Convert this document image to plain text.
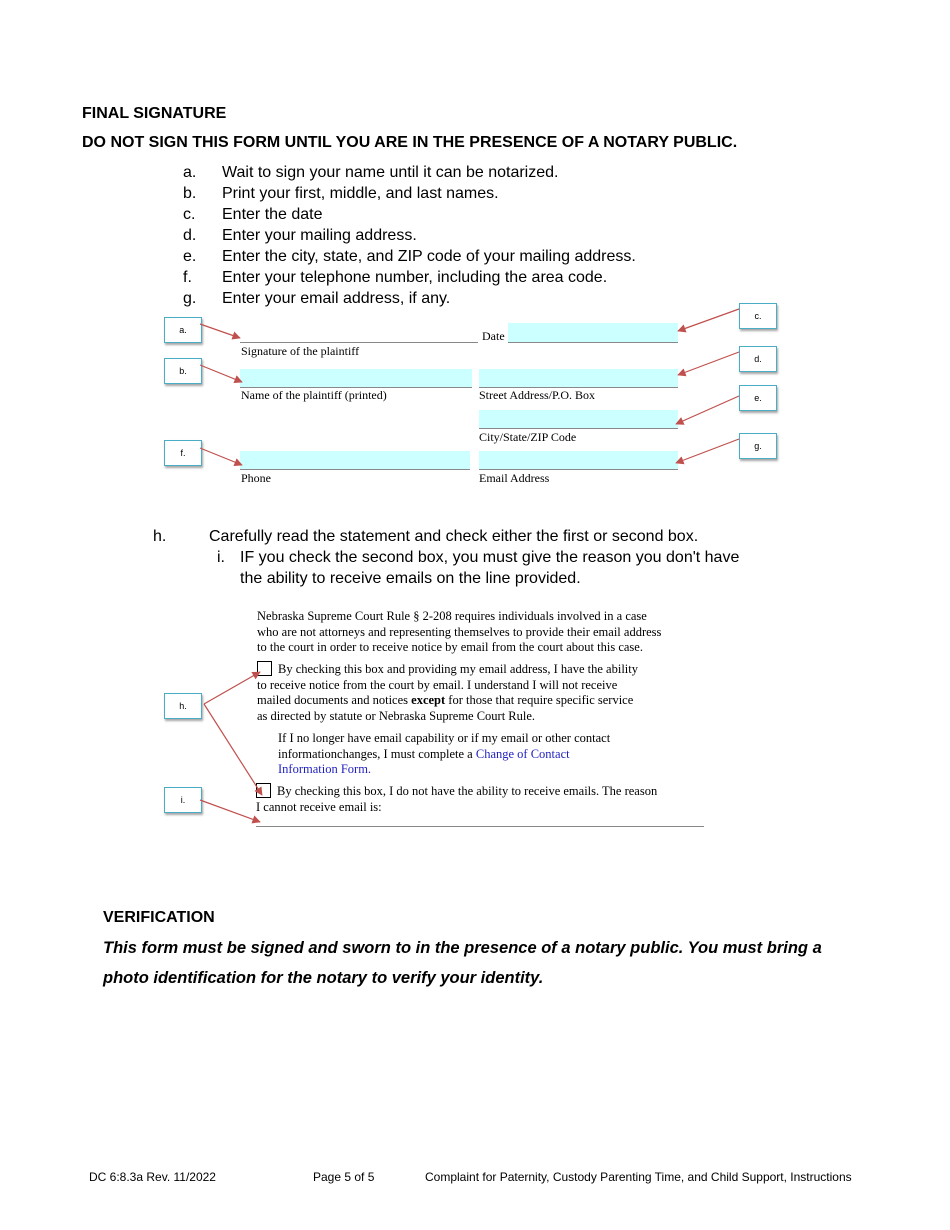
FINAL SIGNATURE
DO NOT SIGN THIS FORM UNTIL YOU ARE IN THE PRESENCE OF A NOTARY PUBLIC.
a. Wait to sign your name until it can be notarized.
b. Print your first, middle, and last names.
c. Enter the date
d. Enter your mailing address.
e. Enter the city, state, and ZIP code of your mailing address.
f. Enter your telephone number, including the area code.
g. Enter your email address, if any.
Signature of the plaintiff
Date
Name of the plaintiff (printed)	Street Address/P.O. Box
City/State/ZIP Code
Phone	Email Address
a.
b.
c.
d.
e.
g.
f.
h.	Carefully read the statement and check either the first or second box.
i. IF you check the second box, you must give the reason you don't have
the ability to receive emails on the line provided.
Nebraska Supreme Court Rule § 2-208 requires individuals involved in a case
who are not attorneys and representing themselves to provide their email address
to the court in order to receive notice by email from the court about this case.
By checking this box and providing my email address, I have the ability
to receive notice from the court by email. I understand I will not receive
mailed documents and notices except for those that require specific service
as directed by statute or Nebraska Supreme Court Rule.
If I no longer have email capability or if my email or other contact
informationchanges, I must complete a Change of Contact
Information Form.
By checking this box, I do not have the ability to receive emails. The reason
I cannot receive email is:
h.
i.
VERIFICATION
This form must be signed and sworn to in the presence of a notary public. You must bring a
photo identification for the notary to verify your identity.
DC 6:8.3a Rev. 11/2022	Page 5 of 5	Complaint for Paternity, Custody Parenting Time, and Child Support, Instructions
